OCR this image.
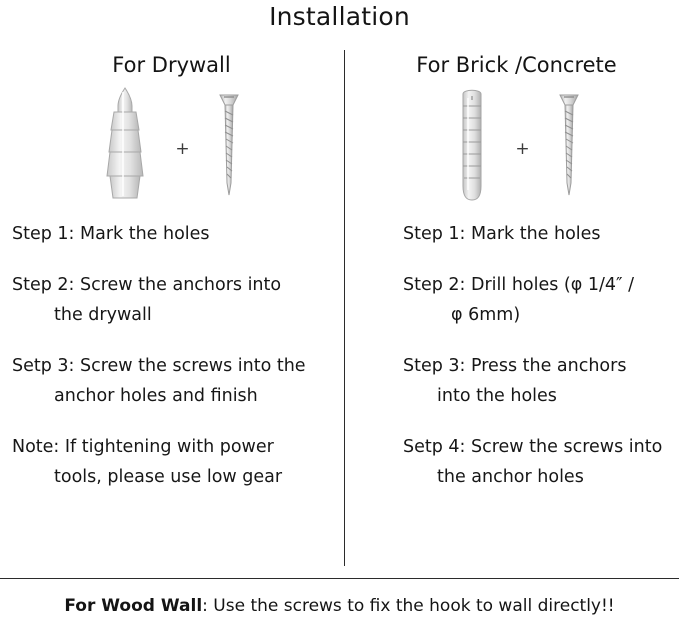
Installation
For Drywall
+
Step 1: Mark the holes
Step 2: Screw the anchors into
the drywall
Setp 3: Screw the screws into the
anchor holes and finish
Note: If tightening with power
tools, please use low gear
For Brick /Concrete
+
Step 1: Mark the holes
Step 2: Drill holes (φ 1/4″ /
φ 6mm)
Step 3: Press the anchors
into the holes
Setp 4: Screw the screws into
the anchor holes
For Wood Wall: Use the screws to fix the hook to wall directly!!
